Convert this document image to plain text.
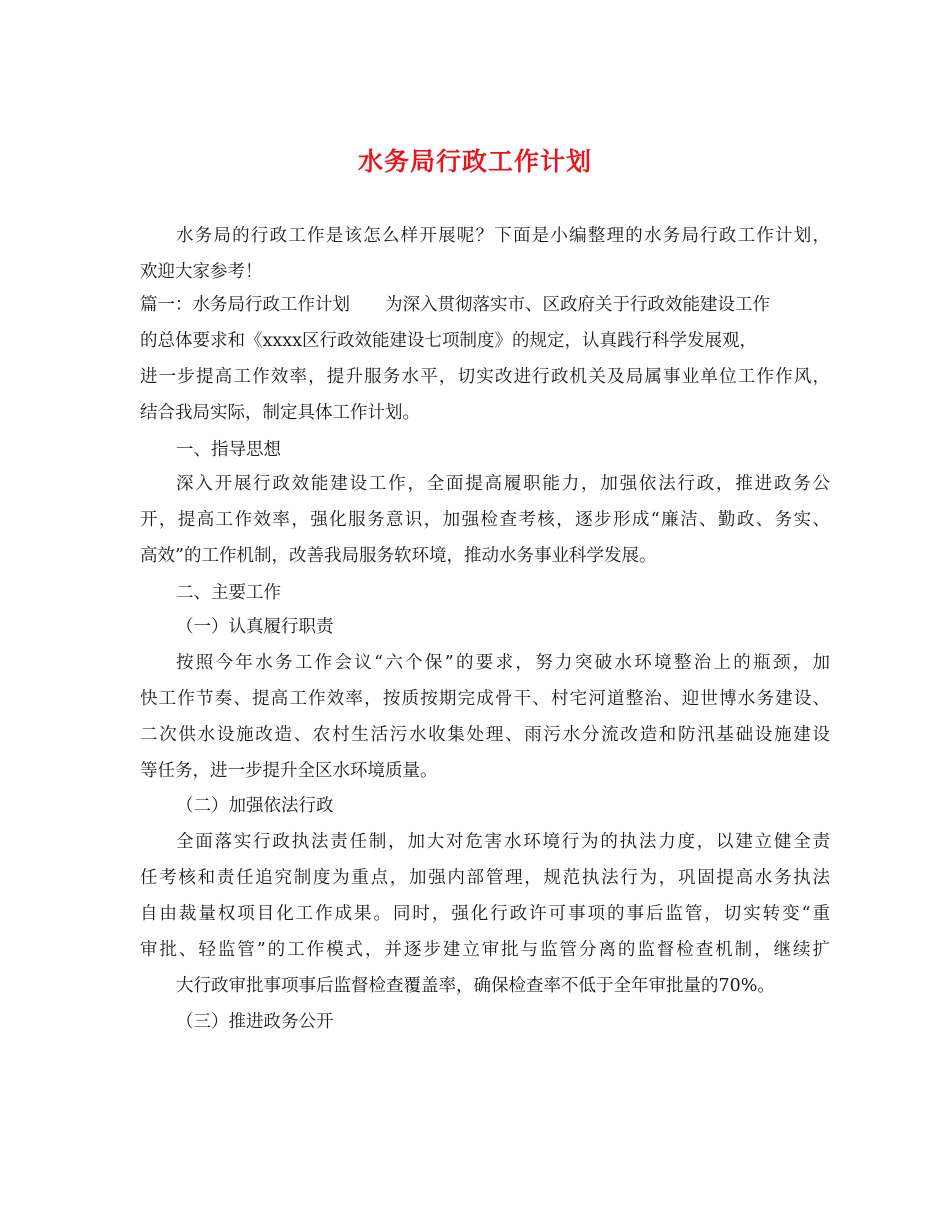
水务局行政工作计划
水务局的行政工作是该怎么样开展呢？下面是小编整理的水务局行政工作计划，
欢迎大家参考！
篇一：水务局行政工作计划　　为深入贯彻落实市、区政府关于行政效能建设工作
的总体要求和《xxxx区行政效能建设七项制度》的规定，认真践行科学发展观，
进一步提高工作效率，提升服务水平，切实改进行政机关及局属事业单位工作作风，
结合我局实际，制定具体工作计划。
一、指导思想
深入开展行政效能建设工作，全面提高履职能力，加强依法行政，推进政务公
开，提高工作效率，强化服务意识，加强检查考核，逐步形成“廉洁、勤政、务实、
高效”的工作机制，改善我局服务软环境，推动水务事业科学发展。
二、主要工作
（一）认真履行职责
按照今年水务工作会议“六个保”的要求，努力突破水环境整治上的瓶颈，加
快工作节奏、提高工作效率，按质按期完成骨干、村宅河道整治、迎世博水务建设、
二次供水设施改造、农村生活污水收集处理、雨污水分流改造和防汛基础设施建设
等任务，进一步提升全区水环境质量。
（二）加强依法行政
全面落实行政执法责任制，加大对危害水环境行为的执法力度，以建立健全责
任考核和责任追究制度为重点，加强内部管理，规范执法行为，巩固提高水务执法
自由裁量权项目化工作成果。同时，强化行政许可事项的事后监管，切实转变“重
审批、轻监管”的工作模式，并逐步建立审批与监管分离的监督检查机制，继续扩
大行政审批事项事后监督检查覆盖率，确保检查率不低于全年审批量的70%。
（三）推进政务公开
